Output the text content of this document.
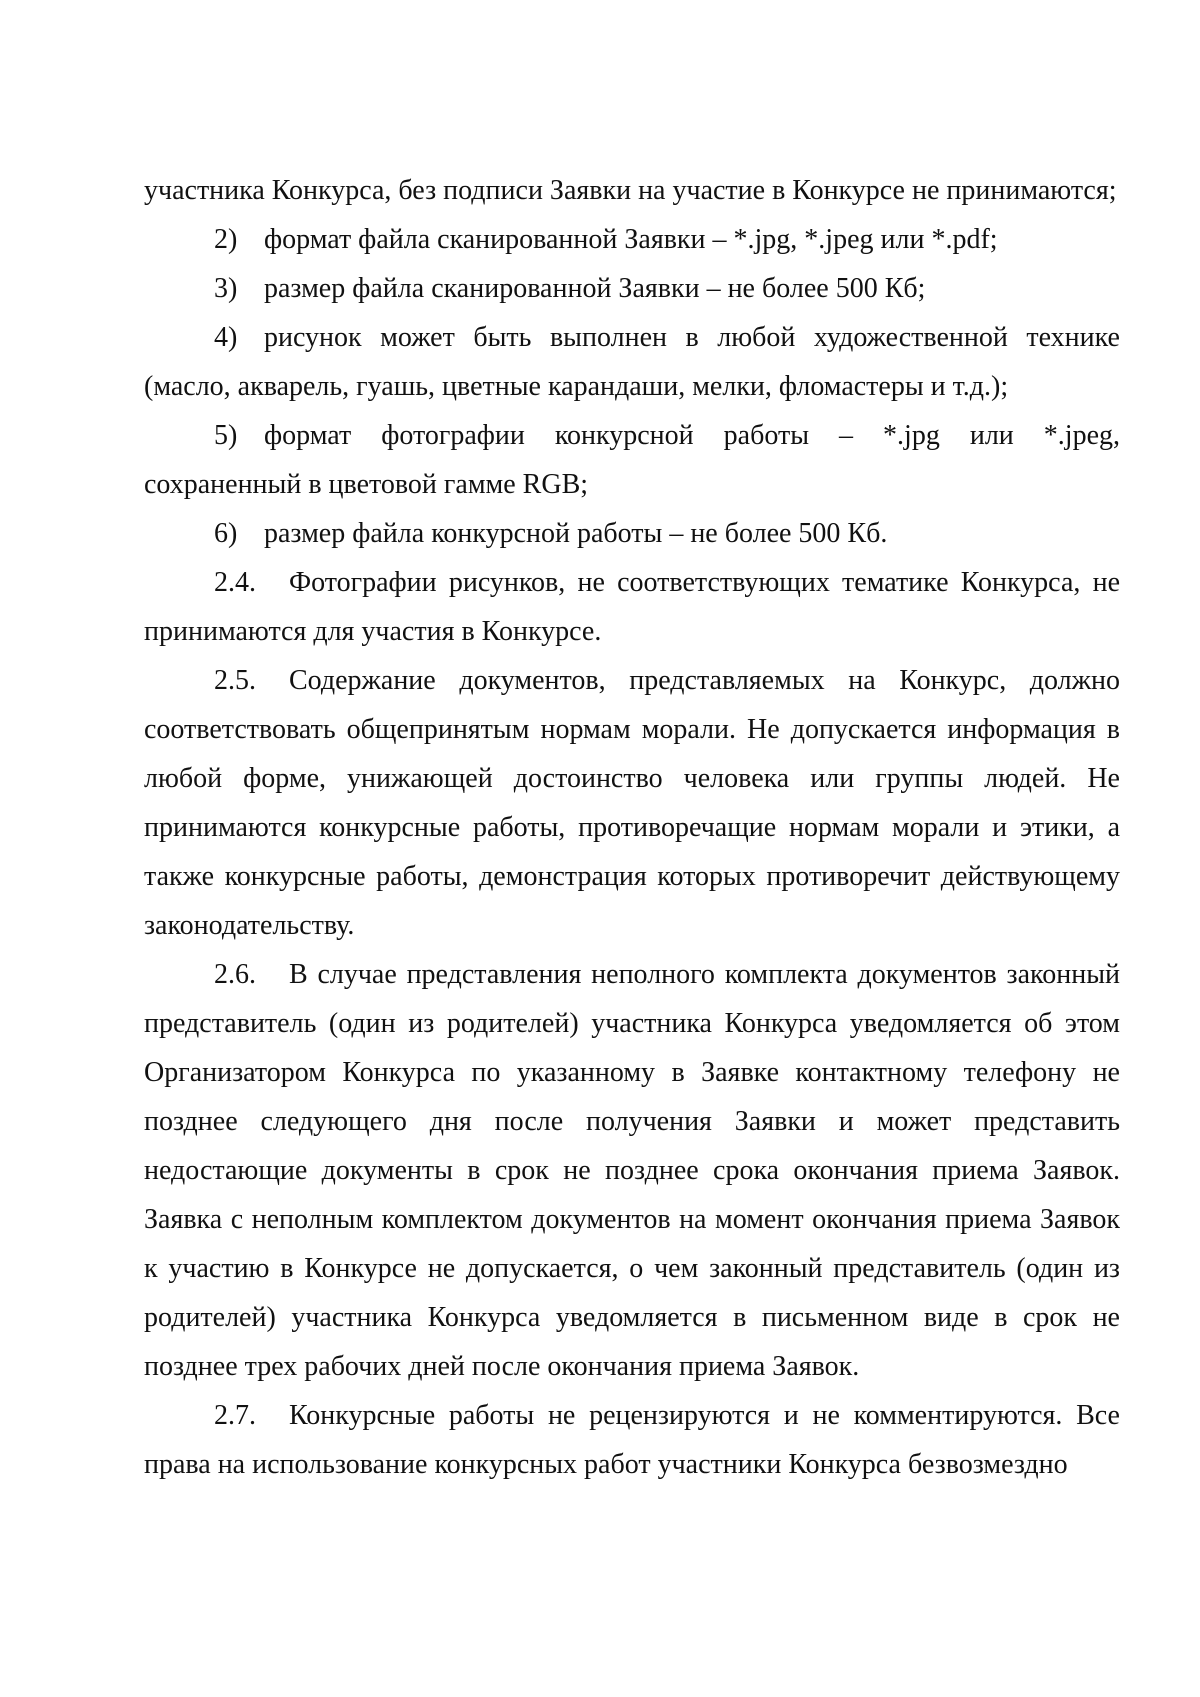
участника Конкурса, без подписи Заявки на участие в Конкурсе не принимаются;

2) формат файла сканированной Заявки – *.jpg, *.jpeg или *.pdf;

3) размер файла сканированной Заявки – не более 500 Кб;

4) рисунок может быть выполнен в любой художественной технике (масло, акварель, гуашь, цветные карандаши, мелки, фломастеры и т.д.);

5) формат фотографии конкурсной работы – *.jpg или *.jpeg, сохраненный в цветовой гамме RGB;

6) размер файла конкурсной работы – не более 500 Кб.

2.4. Фотографии рисунков, не соответствующих тематике Конкурса, не принимаются для участия в Конкурсе.

2.5. Содержание документов, представляемых на Конкурс, должно соответствовать общепринятым нормам морали. Не допускается информация в любой форме, унижающей достоинство человека или группы людей. Не принимаются конкурсные работы, противоречащие нормам морали и этики, а также конкурсные работы, демонстрация которых противоречит действующему законодательству.

2.6. В случае представления неполного комплекта документов законный представитель (один из родителей) участника Конкурса уведомляется об этом Организатором Конкурса по указанному в Заявке контактному телефону не позднее следующего дня после получения Заявки и может представить недостающие документы в срок не позднее срока окончания приема Заявок. Заявка с неполным комплектом документов на момент окончания приема Заявок к участию в Конкурсе не допускается, о чем законный представитель (один из родителей) участника Конкурса уведомляется в письменном виде в срок не позднее трех рабочих дней после окончания приема Заявок.

2.7. Конкурсные работы не рецензируются и не комментируются. Все права на использование конкурсных работ участники Конкурса безвозмездно
